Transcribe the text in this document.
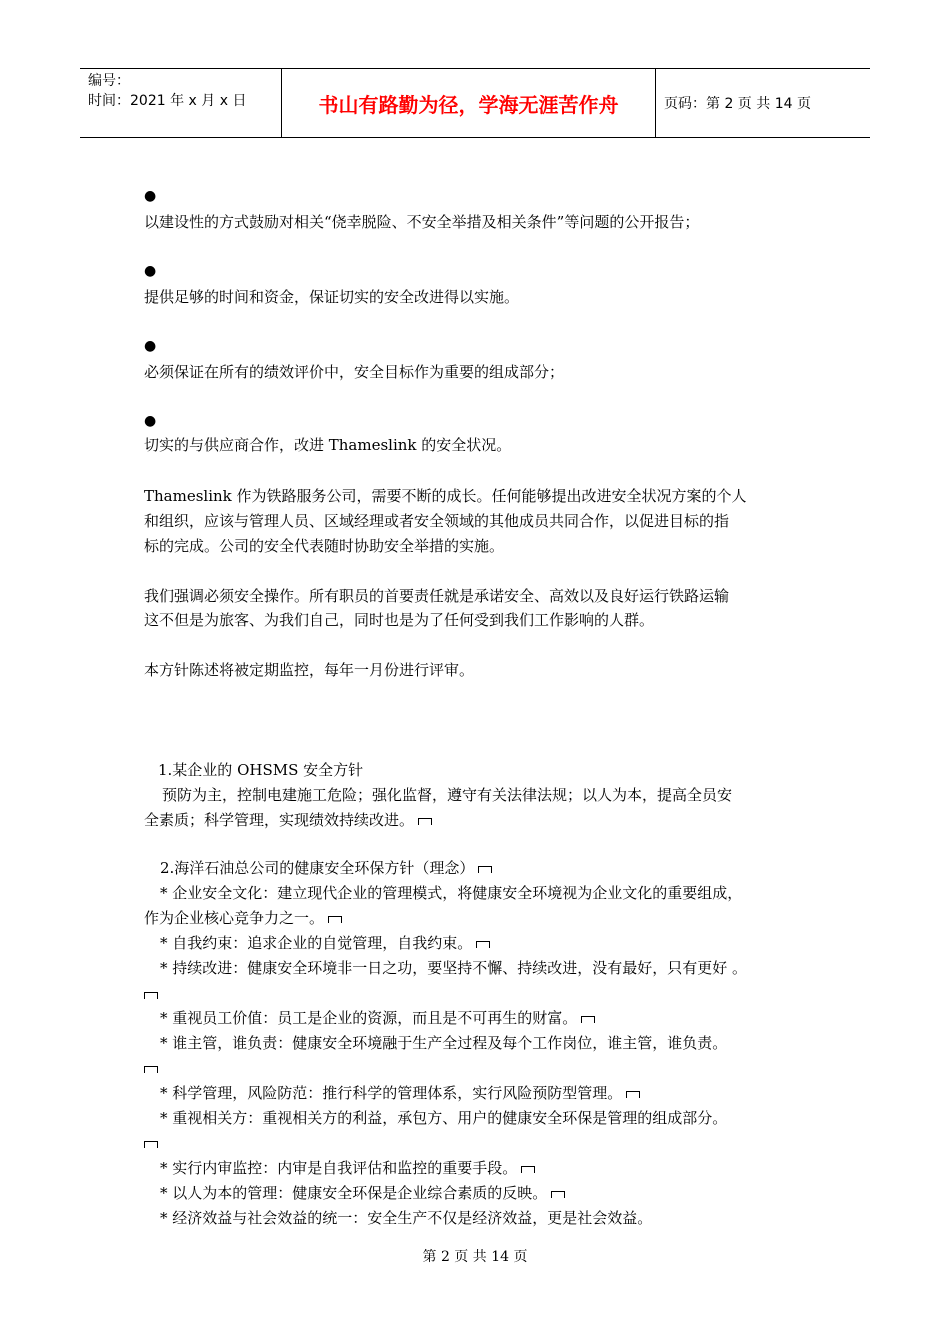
编号：
时间：2021 年 x 月 x 日	书山有路勤为径，学海无涯苦作舟	页码：第 2 页 共 14 页
●
以建设性的方式鼓励对相关“侥幸脱险、不安全举措及相关条件”等问题的公开报告；
●
提供足够的时间和资金，保证切实的安全改进得以实施。
●
必须保证在所有的绩效评价中，安全目标作为重要的组成部分；
●
切实的与供应商合作，改进 Thameslink 的安全状况。
Thameslink 作为铁路服务公司，需要不断的成长。任何能够提出改进安全状况方案的个人
和组织，应该与管理人员、区域经理或者安全领域的其他成员共同合作，以促进目标的指
标的完成。公司的安全代表随时协助安全举措的实施。
我们强调必须安全操作。所有职员的首要责任就是承诺安全、高效以及良好运行铁路运输
这不但是为旅客、为我们自己，同时也是为了任何受到我们工作影响的人群。
本方针陈述将被定期监控，每年一月份进行评审。
1.某企业的 OHSMS 安全方针
预防为主，控制电建施工危险；强化监督，遵守有关法律法规；以人为本，提高全员安
全素质；科学管理，实现绩效持续改进。
2.海洋石油总公司的健康安全环保方针（理念）
* 企业安全文化：建立现代企业的管理模式，将健康安全环境视为企业文化的重要组成，
作为企业核心竞争力之一。
* 自我约束：追求企业的自觉管理，自我约束。
* 持续改进：健康安全环境非一日之功，要坚持不懈、持续改进，没有最好，只有更好 。
* 重视员工价值：员工是企业的资源，而且是不可再生的财富。
* 谁主管，谁负责：健康安全环境融于生产全过程及每个工作岗位，谁主管，谁负责。
* 科学管理，风险防范：推行科学的管理体系，实行风险预防型管理。
* 重视相关方：重视相关方的利益，承包方、用户的健康安全环保是管理的组成部分。
* 实行内审监控：内审是自我评估和监控的重要手段。
* 以人为本的管理：健康安全环保是企业综合素质的反映。
* 经济效益与社会效益的统一：安全生产不仅是经济效益，更是社会效益。
第 2 页 共 14 页
